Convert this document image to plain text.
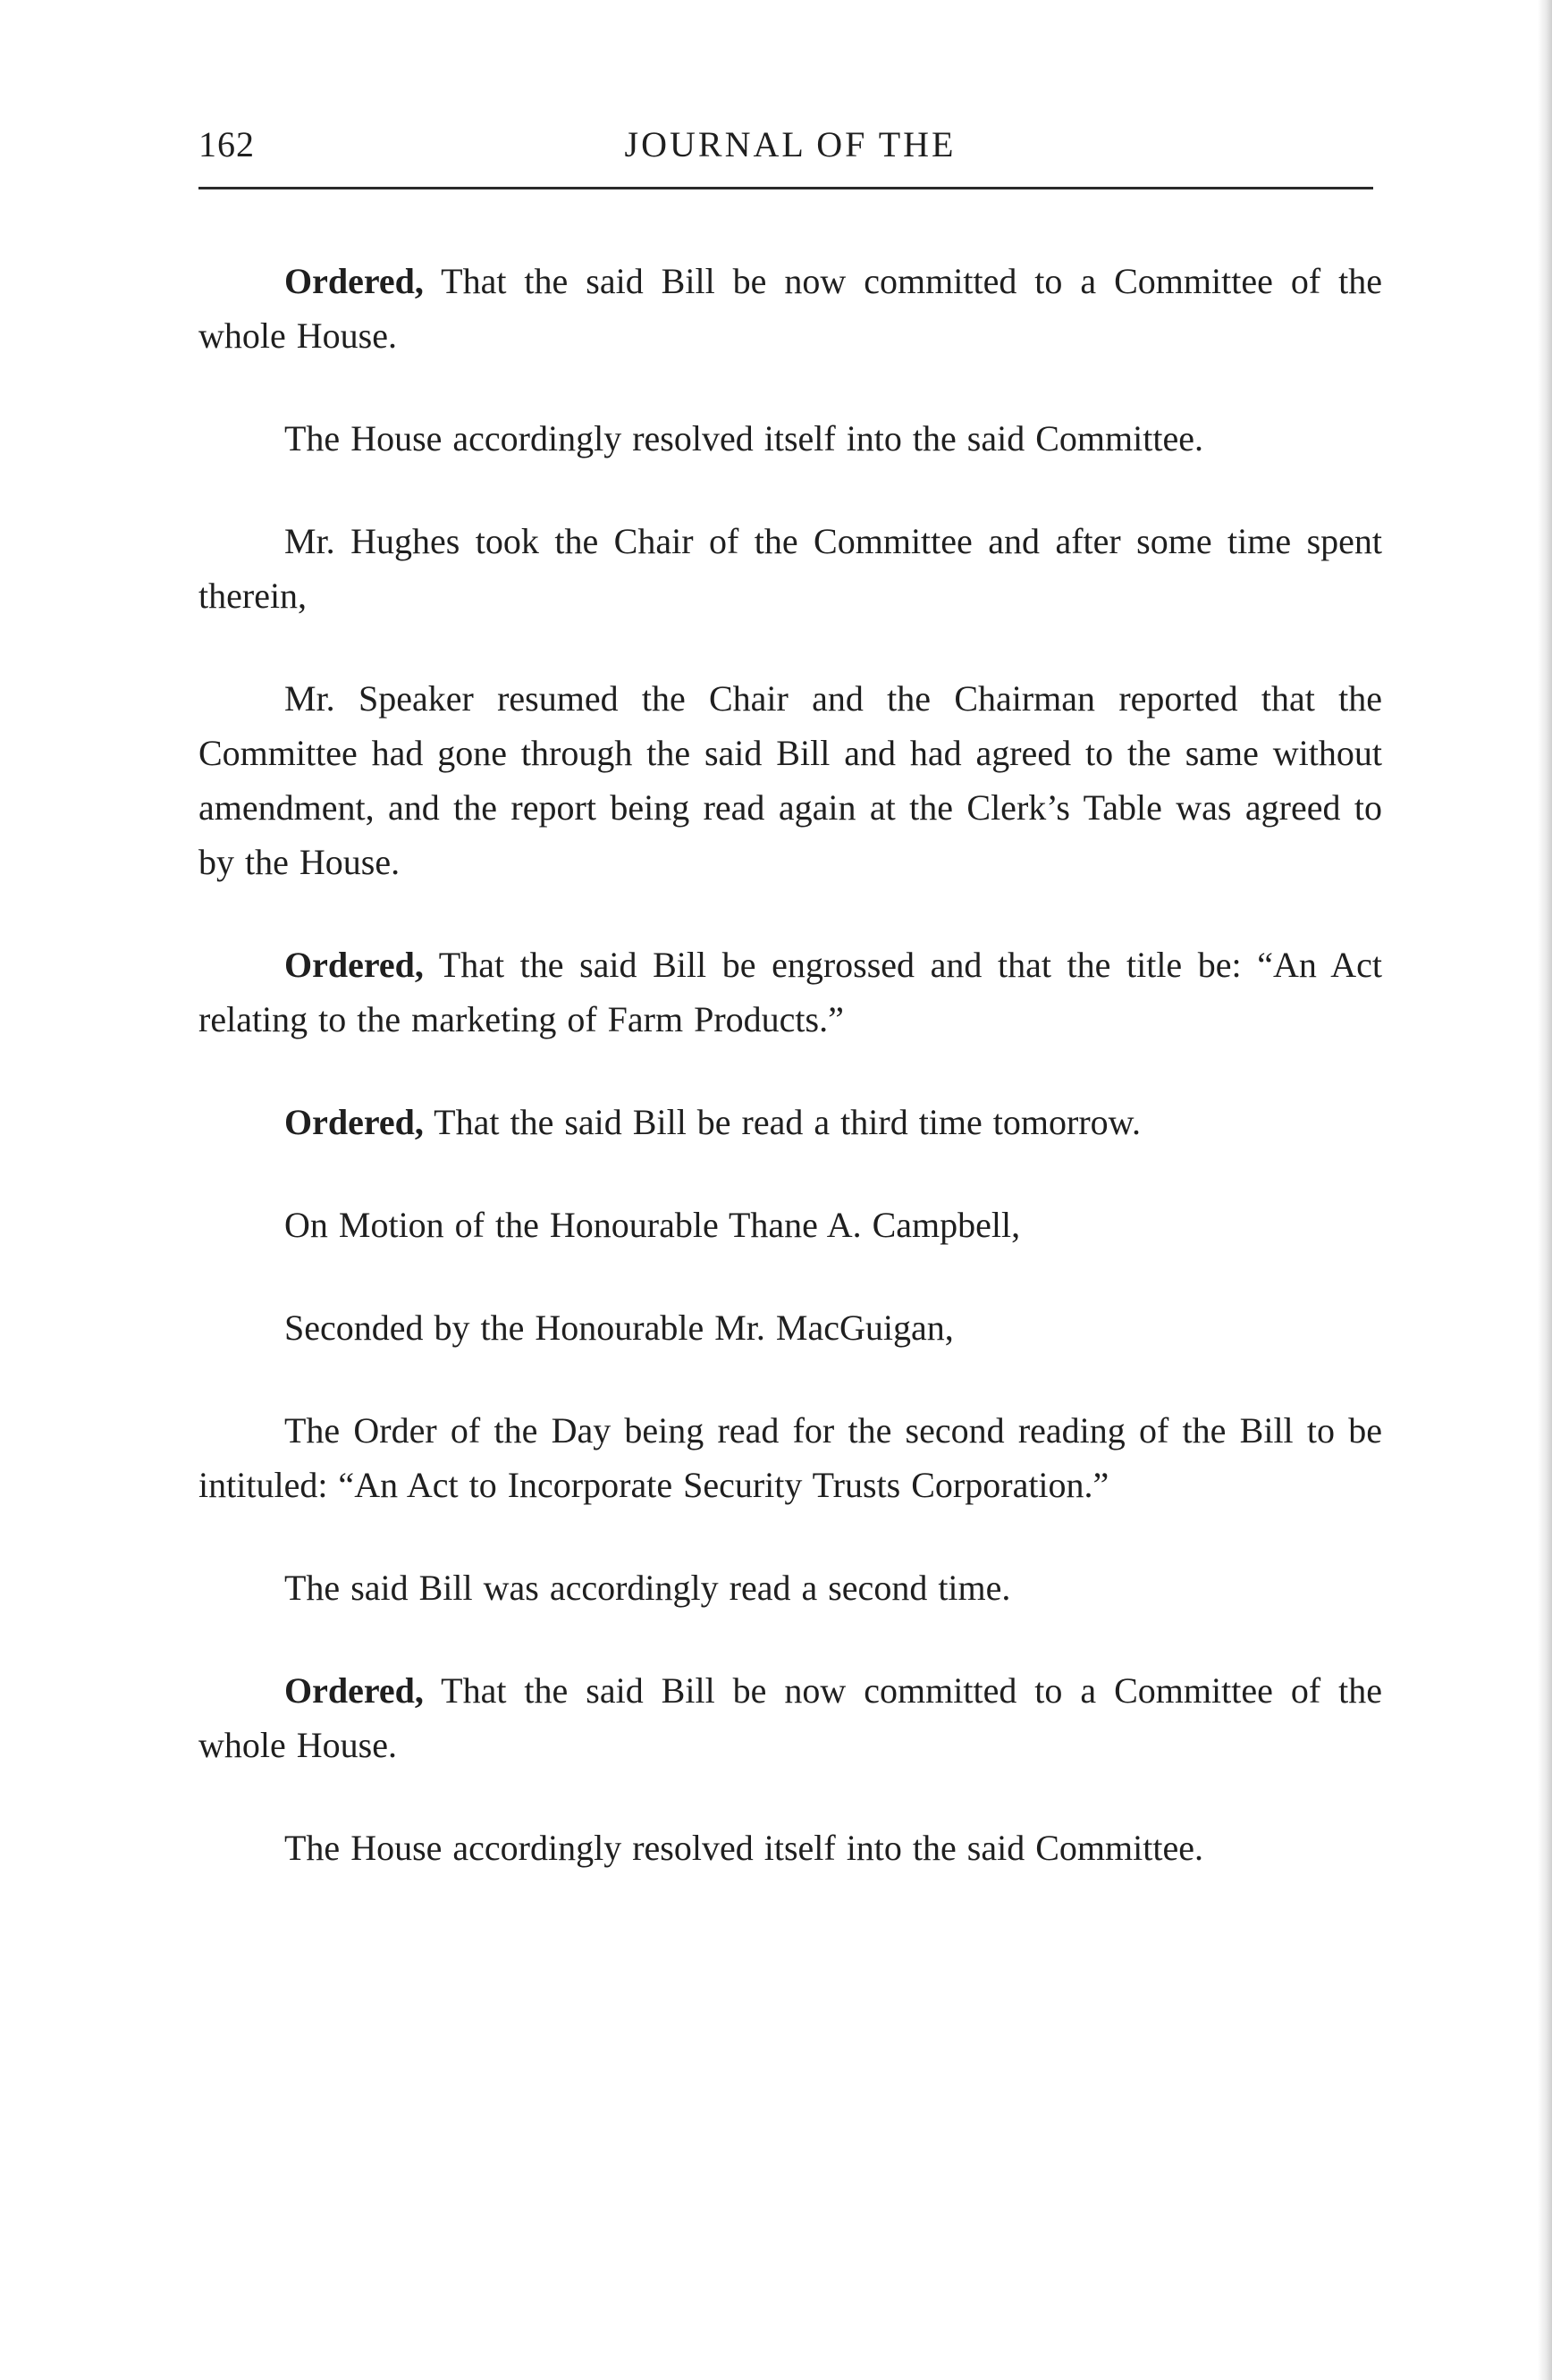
162	JOURNAL OF THE

Ordered, That the said Bill be now committed to a Committee of the whole House.

The House accordingly resolved itself into the said Committee.

Mr. Hughes took the Chair of the Committee and after some time spent therein,

Mr. Speaker resumed the Chair and the Chairman reported that the Committee had gone through the said Bill and had agreed to the same without amendment, and the report being read again at the Clerk’s Table was agreed to by the House.

Ordered, That the said Bill be engrossed and that the title be: “An Act relating to the marketing of Farm Products.”

Ordered, That the said Bill be read a third time tomorrow.

On Motion of the Honourable Thane A. Campbell,

Seconded by the Honourable Mr. MacGuigan,

The Order of the Day being read for the second reading of the Bill to be intituled: “An Act to Incorporate Security Trusts Corporation.”

The said Bill was accordingly read a second time.

Ordered, That the said Bill be now committed to a Committee of the whole House.

The House accordingly resolved itself into the said Committee.
